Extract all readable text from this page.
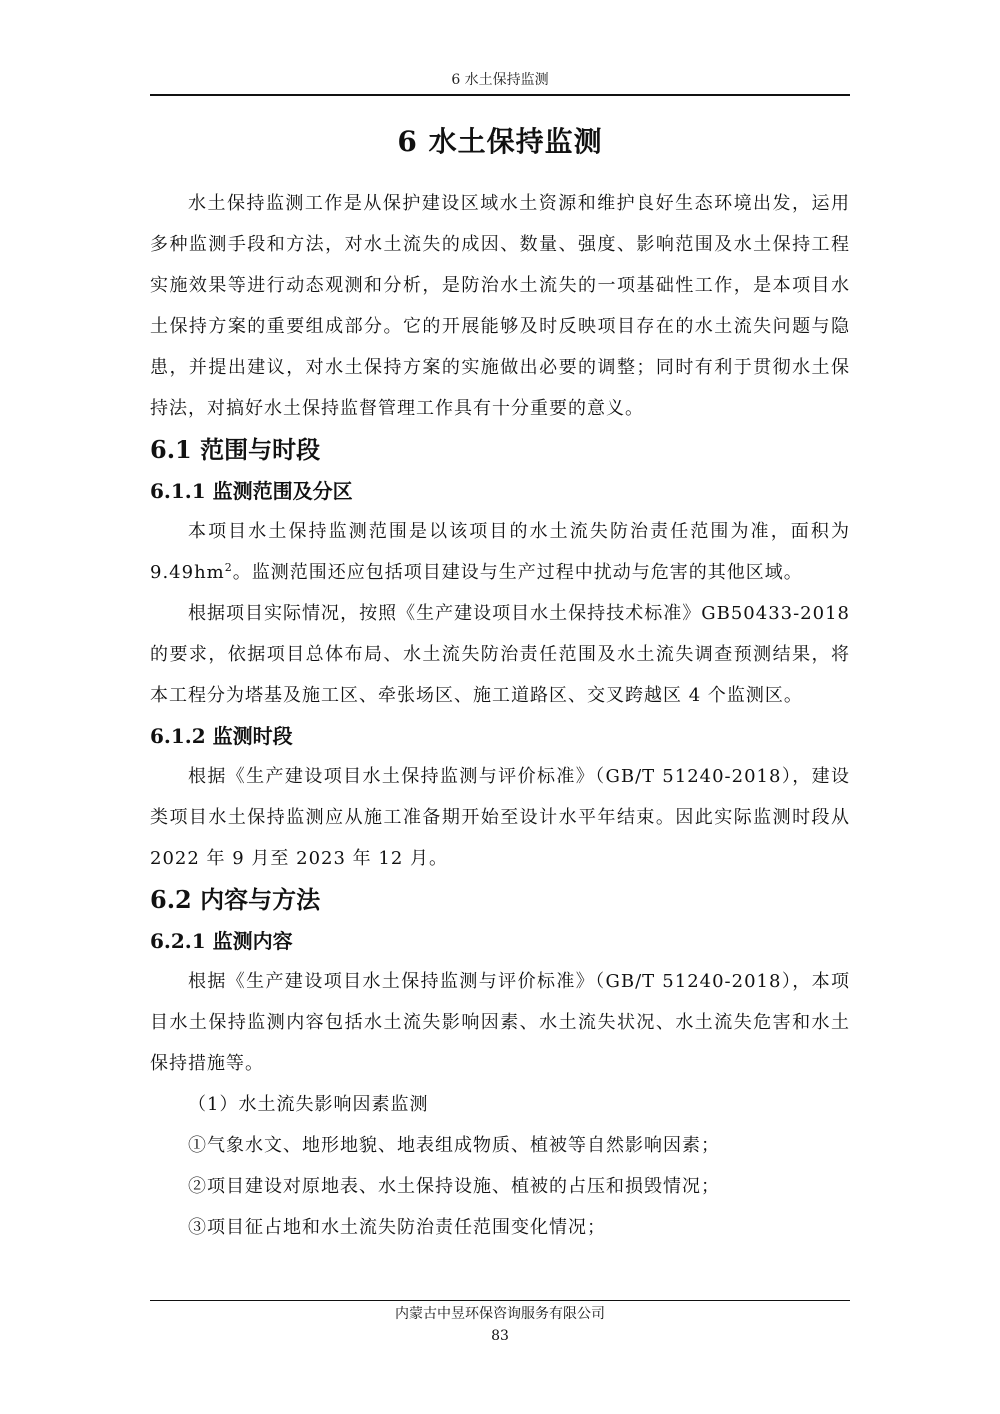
6 水土保持监测
6 水土保持监测

水土保持监测工作是从保护建设区域水土资源和维护良好生态环境出发，运用多种监测手段和方法，对水土流失的成因、数量、强度、影响范围及水土保持工程实施效果等进行动态观测和分析，是防治水土流失的一项基础性工作，是本项目水土保持方案的重要组成部分。它的开展能够及时反映项目存在的水土流失问题与隐患，并提出建议，对水土保持方案的实施做出必要的调整；同时有利于贯彻水土保持法，对搞好水土保持监督管理工作具有十分重要的意义。

6.1 范围与时段
6.1.1 监测范围及分区

本项目水土保持监测范围是以该项目的水土流失防治责任范围为准，面积为 $9.49hm^2$。监测范围还应包括项目建设与生产过程中扰动与危害的其他区域。

根据项目实际情况，按照《生产建设项目水土保持技术标准》GB50433-2018 的要求，依据项目总体布局、水土流失防治责任范围及水土流失调查预测结果，将本工程分为塔基及施工区、牵张场区、施工道路区、交叉跨越区 4 个监测区。

6.1.2 监测时段

根据《生产建设项目水土保持监测与评价标准》（GB/T 51240-2018），建设类项目水土保持监测应从施工准备期开始至设计水平年结束。因此实际监测时段从 2022 年 9 月至 2023 年 12 月。

6.2 内容与方法
6.2.1 监测内容

根据《生产建设项目水土保持监测与评价标准》（GB/T 51240-2018），本项目水土保持监测内容包括水土流失影响因素、水土流失状况、水土流失危害和水土保持措施等。

（1）水土流失影响因素监测

①气象水文、地形地貌、地表组成物质、植被等自然影响因素；

②项目建设对原地表、水土保持设施、植被的占压和损毁情况；

③项目征占地和水土流失防治责任范围变化情况；

内蒙古中昱环保咨询服务有限公司
83
